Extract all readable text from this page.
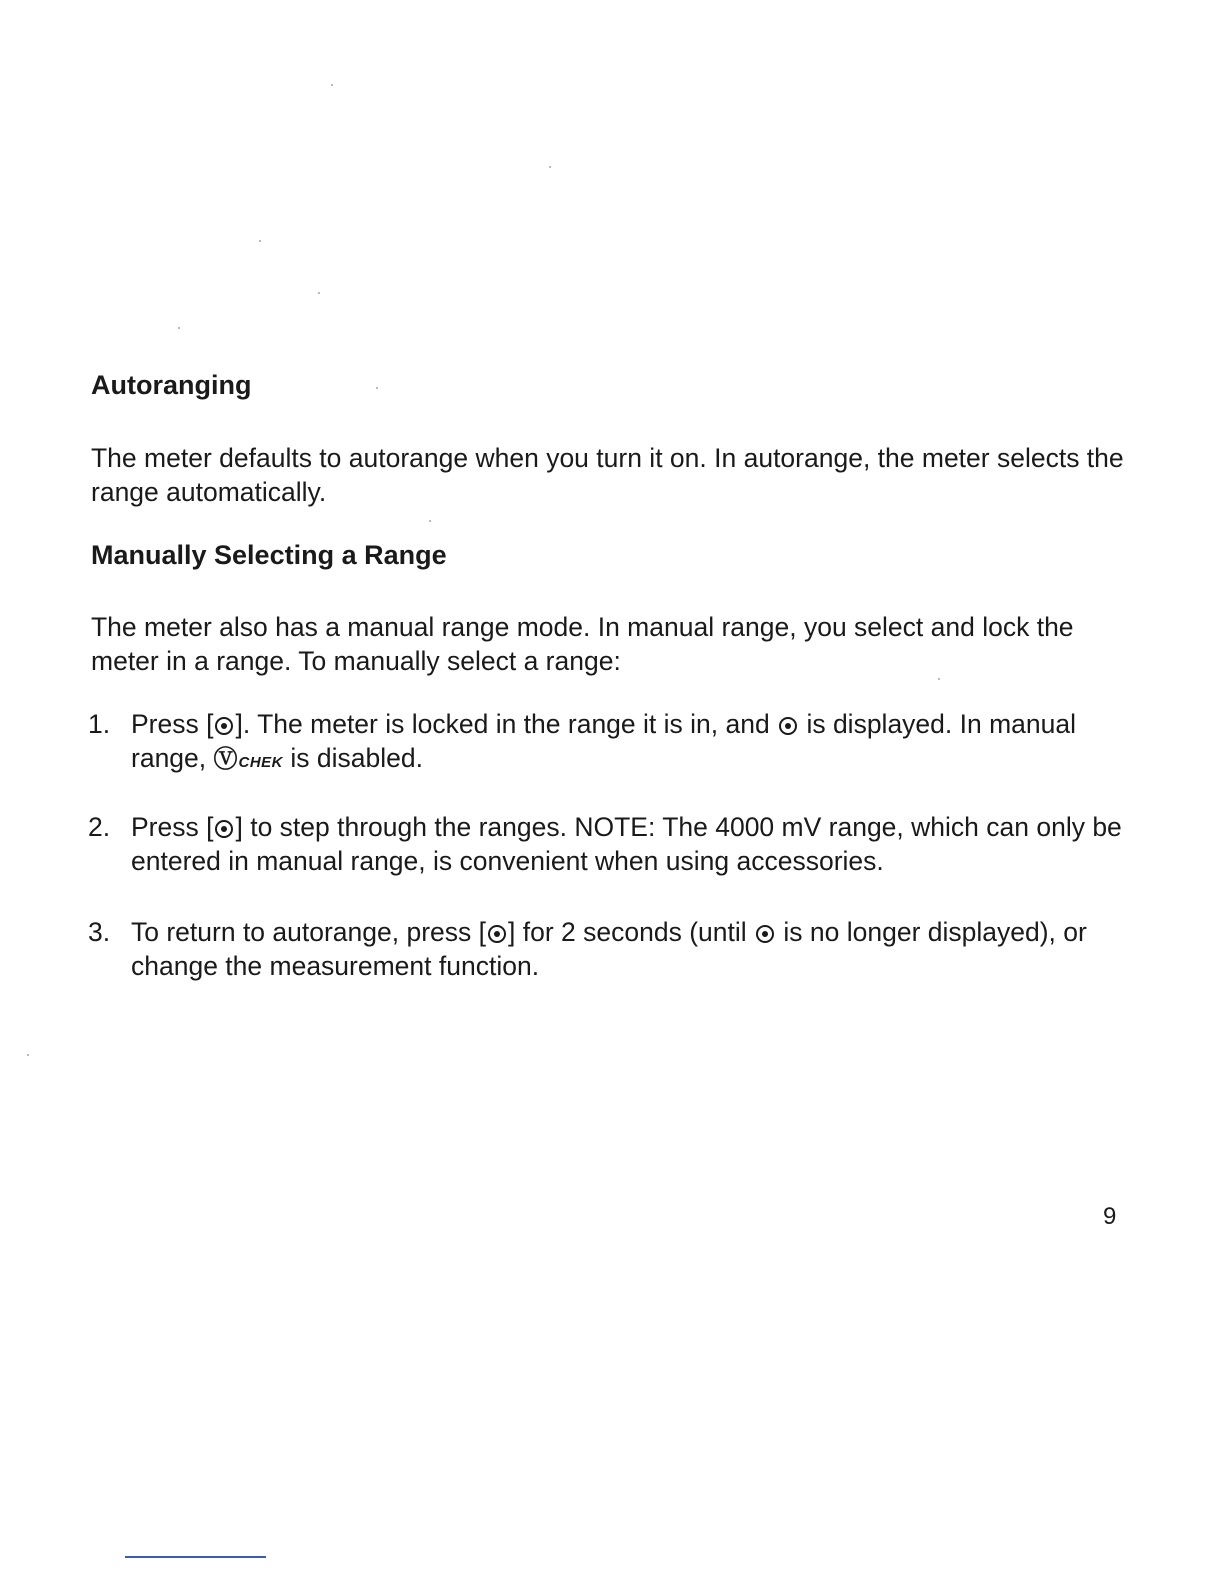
Autoranging

The meter defaults to autorange when you turn it on. In autorange, the meter selects the range automatically.

Manually Selecting a Range

The meter also has a manual range mode. In manual range, you select and lock the meter in a range. To manually select a range:

1. Press [ ]. The meter is locked in the range it is in, and  is displayed. In manual range, Ⓥ CHEK is disabled.
2. Press [ ] to step through the ranges. NOTE: The 4000 mV range, which can only be entered in manual range, is convenient when using accessories.
3. To return to autorange, press [ ] for 2 seconds (until  is no longer displayed), or change the measurement function.
9
